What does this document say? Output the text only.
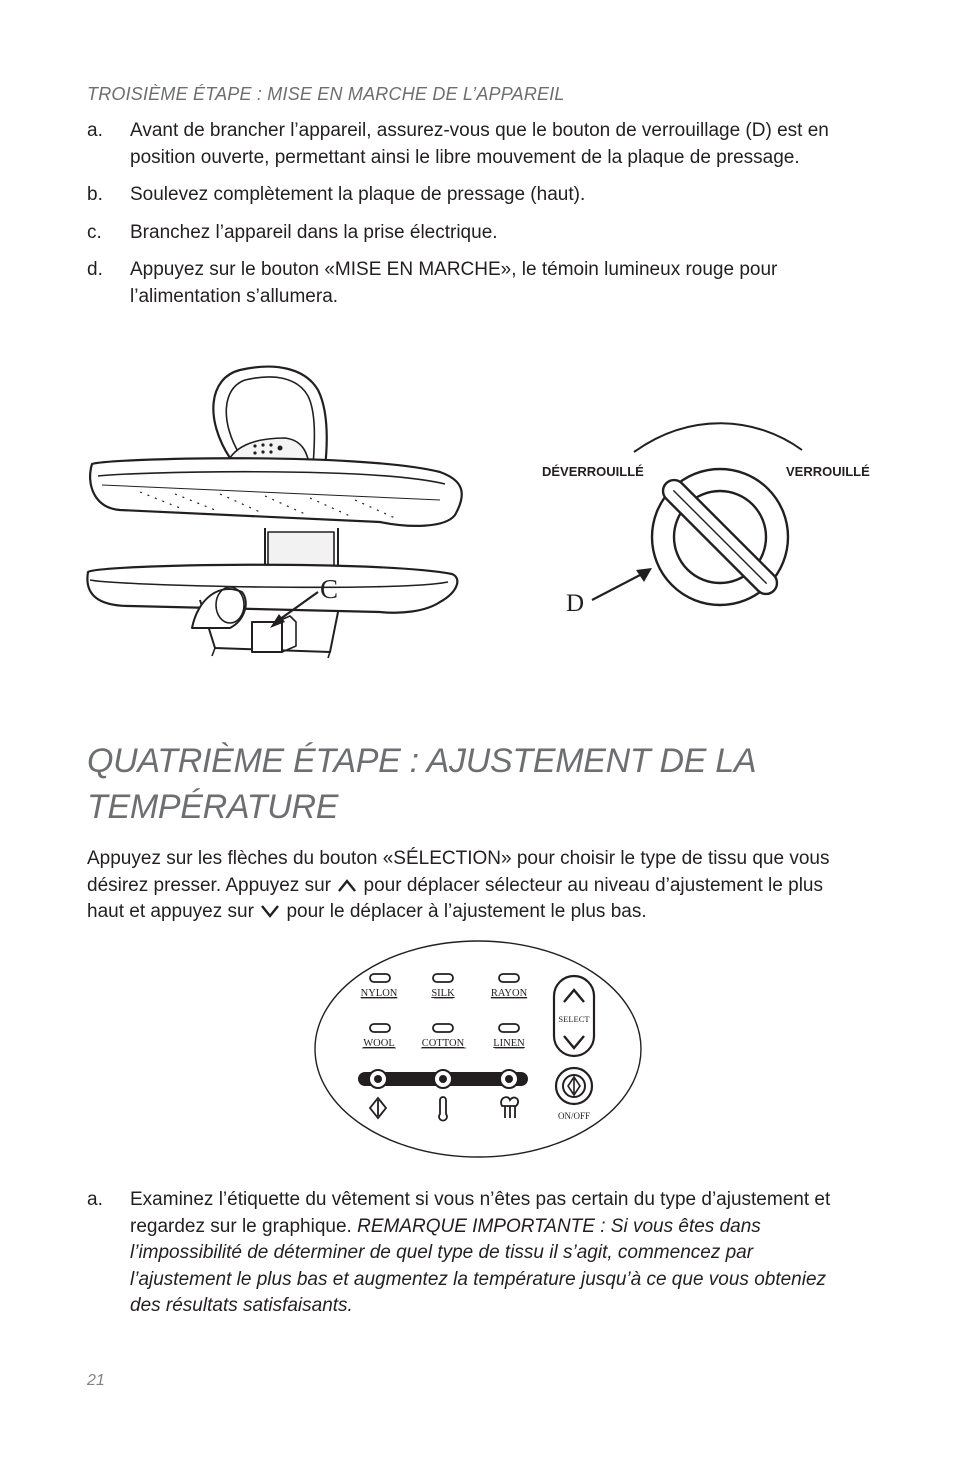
TROISIÈME ÉTAPE : MISE EN MARCHE DE L’APPAREIL
a. Avant de brancher l’appareil, assurez-vous que le bouton de verrouillage (D) est en position ouverte, permettant ainsi le libre mouvement de la plaque de pressage.
b. Soulevez complètement la plaque de pressage (haut).
c. Branchez l’appareil dans la prise électrique.
d. Appuyez sur le bouton «MISE EN MARCHE», le témoin lumineux rouge pour l’alimentation s’allumera.
C
DÉVERROUILLÉ	VERROUILLÉ
D
QUATRIÈME ÉTAPE : AJUSTEMENT DE LA TEMPÉRATURE
Appuyez sur les flèches du bouton «SÉLECTION» pour choisir le type de tissu que vous désirez presser. Appuyez sur pour déplacer sélecteur au niveau d’ajustement le plus haut et appuyez sur pour le déplacer à l’ajustement le plus bas.
NYLON	SILK	RAYON
WOOL	COTTON	LINEN
SELECT
ON/OFF
a. Examinez l’étiquette du vêtement si vous n’êtes pas certain du type d’ajustement et regardez sur le graphique. REMARQUE IMPORTANTE : Si vous êtes dans l’impossibilité de déterminer de quel type de tissu il s’agit, commencez par l’ajustement le plus bas et augmentez la température jusqu’à ce que vous obteniez des résultats satisfaisants.
21
